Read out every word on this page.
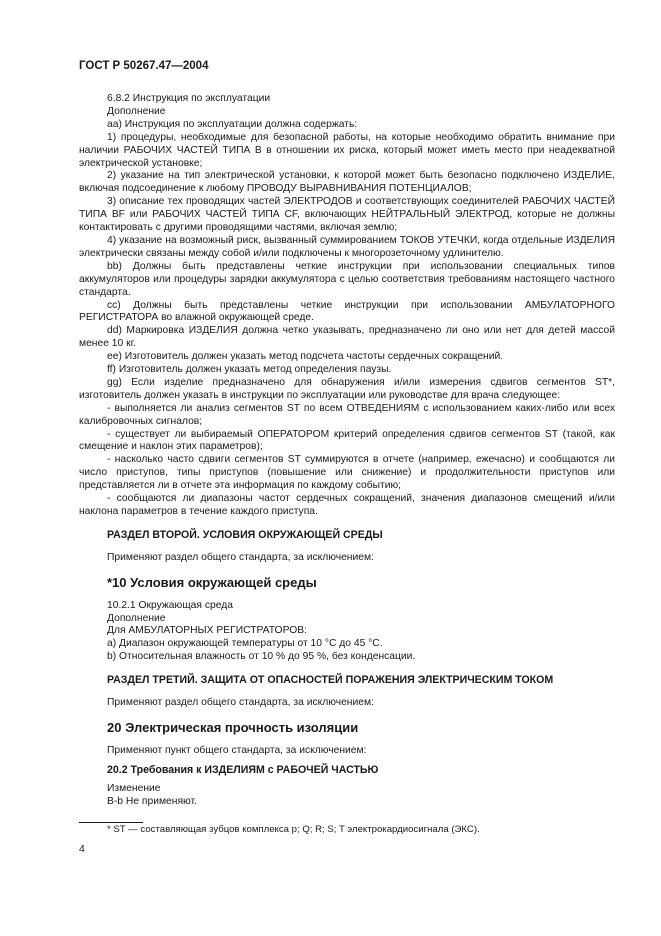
ГОСТ Р 50267.47—2004
6.8.2 Инструкция по эксплуатации
Дополнение
аа) Инструкция по эксплуатации должна содержать:
1) процедуры, необходимые для безопасной работы, на которые необходимо обратить внимание при наличии РАБОЧИХ ЧАСТЕЙ ТИПА В в отношении их риска, который может иметь место при неадекватной электрической установке;
2) указание на тип электрической установки, к которой может быть безопасно подключено ИЗДЕЛИЕ, включая подсоединение к любому ПРОВОДУ ВЫРАВНИВАНИЯ ПОТЕНЦИАЛОВ;
3) описание тех проводящих частей ЭЛЕКТРОДОВ и соответствующих соединителей РАБОЧИХ ЧАСТЕЙ ТИПА BF или РАБОЧИХ ЧАСТЕЙ ТИПА CF, включающих НЕЙТРАЛЬНЫЙ ЭЛЕКТРОД, которые не должны контактировать с другими проводящими частями, включая землю;
4) указание на возможный риск, вызванный суммированием ТОКОВ УТЕЧКИ, когда отдельные ИЗДЕЛИЯ электрически связаны между собой и/или подключены к многорозеточному удлинителю.
bb) Должны быть представлены четкие инструкции при использовании специальных типов аккумуляторов или процедуры зарядки аккумулятора с целью соответствия требованиям настоящего частного стандарта.
cc) Должны быть представлены четкие инструкции при использовании АМБУЛАТОРНОГО РЕГИСТРАТОРА во влажной окружающей среде.
dd) Маркировка ИЗДЕЛИЯ должна четко указывать, предназначено ли оно или нет для детей массой менее 10 кг.
ee) Изготовитель должен указать метод подсчета частоты сердечных сокращений.
ff) Изготовитель должен указать метод определения паузы.
gg) Если изделие предназначено для обнаружения и/или измерения сдвигов сегментов ST*, изготовитель должен указать в инструкции по эксплуатации или руководстве для врача следующее:
- выполняется ли анализ сегментов ST по всем ОТВЕДЕНИЯМ с использованием каких-либо или всех калибровочных сигналов;
- существует ли выбираемый ОПЕРАТОРОМ критерий определения сдвигов сегментов ST (такой, как смещение и наклон этих параметров);
- насколько часто сдвиги сегментов ST суммируются в отчете (например, ежечасно) и сообщаются ли число приступов, типы приступов (повышение или снижение) и продолжительности приступов или представляется ли в отчете эта информация по каждому событию;
- сообщаются ли диапазоны частот сердечных сокращений, значения диапазонов смещений и/или наклона параметров в течение каждого приступа.
РАЗДЕЛ ВТОРОЙ. УСЛОВИЯ ОКРУЖАЮЩЕЙ СРЕДЫ
Применяют раздел общего стандарта, за исключением:
*10 Условия окружающей среды
10.2.1 Окружающая среда
Дополнение
Для АМБУЛАТОРНЫХ РЕГИСТРАТОРОВ:
а) Диапазон окружающей температуры от 10 °С до 45 °С.
b) Относительная влажность от 10 % до 95 %, без конденсации.
РАЗДЕЛ ТРЕТИЙ. ЗАЩИТА ОТ ОПАСНОСТЕЙ ПОРАЖЕНИЯ ЭЛЕКТРИЧЕСКИМ ТОКОМ
Применяют раздел общего стандарта, за исключением:
20 Электрическая прочность изоляции
Применяют пункт общего стандарта, за исключением:
20.2 Требования к ИЗДЕЛИЯМ с РАБОЧЕЙ ЧАСТЬЮ
Изменение
B-b Не применяют.
* ST — составляющая зубцов комплекса p; Q; R; S; T электрокардиосигнала (ЭКС).
4
